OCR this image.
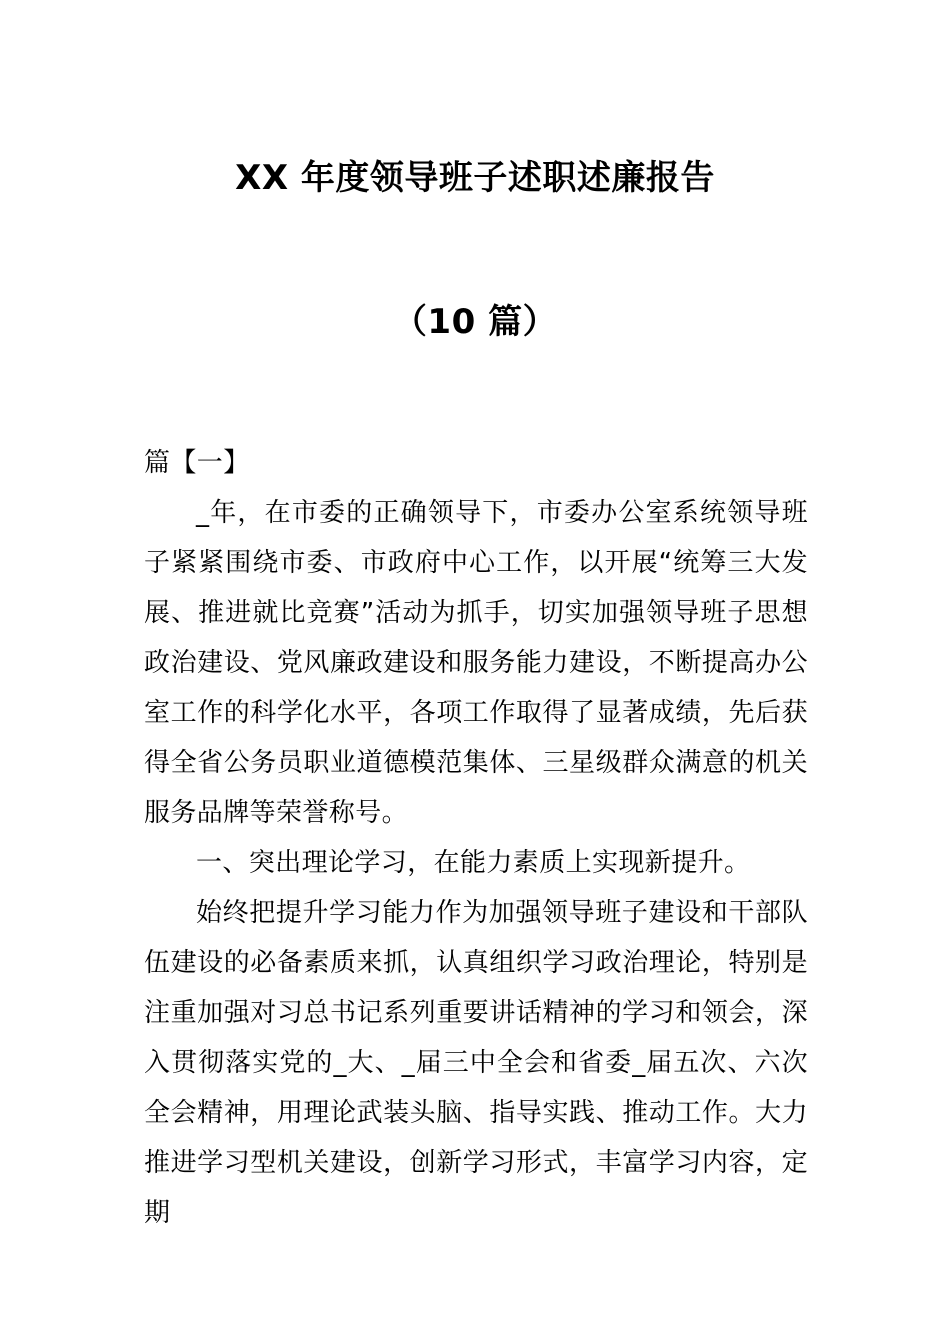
XX 年度领导班子述职述廉报告
（10 篇）

篇【一】

_年，在市委的正确领导下，市委办公室系统领导班子紧紧围绕市委、市政府中心工作，以开展“统筹三大发展、推进就比竞赛”活动为抓手，切实加强领导班子思想政治建设、党风廉政建设和服务能力建设，不断提高办公室工作的科学化水平，各项工作取得了显著成绩，先后获得全省公务员职业道德模范集体、三星级群众满意的机关服务品牌等荣誉称号。

一、突出理论学习，在能力素质上实现新提升。

始终把提升学习能力作为加强领导班子建设和干部队伍建设的必备素质来抓，认真组织学习政治理论，特别是注重加强对习总书记系列重要讲话精神的学习和领会，深入贯彻落实党的_大、_届三中全会和省委_届五次、六次全会精神，用理论武装头脑、指导实践、推动工作。大力推进学习型机关建设，创新学习形式，丰富学习内容，定期
